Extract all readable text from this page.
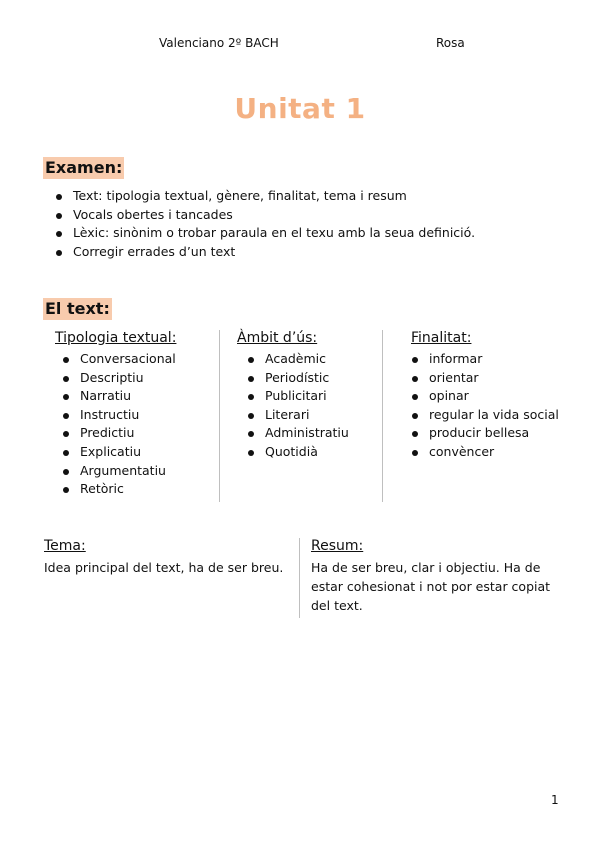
Valenciano 2º BACH	Rosa
Unitat 1
Examen:
Text: tipologia textual, gènere, finalitat, tema i resum
Vocals obertes i tancades
Lèxic: sinònim o trobar paraula en el texu amb la seua definició.
Corregir errades d’un text
El text:
Tipologia textual:
Conversacional
Descriptiu
Narratiu
Instructiu
Predictiu
Explicatiu
Argumentatiu
Retòric
Àmbit d’ús:
Acadèmic
Periodístic
Publicitari
Literari
Administratiu
Quotidià
Finalitat:
informar
orientar
opinar
regular la vida social
producir bellesa
convèncer
Tema:
Idea principal del text, ha de ser breu.
Resum:
Ha de ser breu, clar i objectiu. Ha de
estar cohesionat i not por estar copiat
del text.
1
